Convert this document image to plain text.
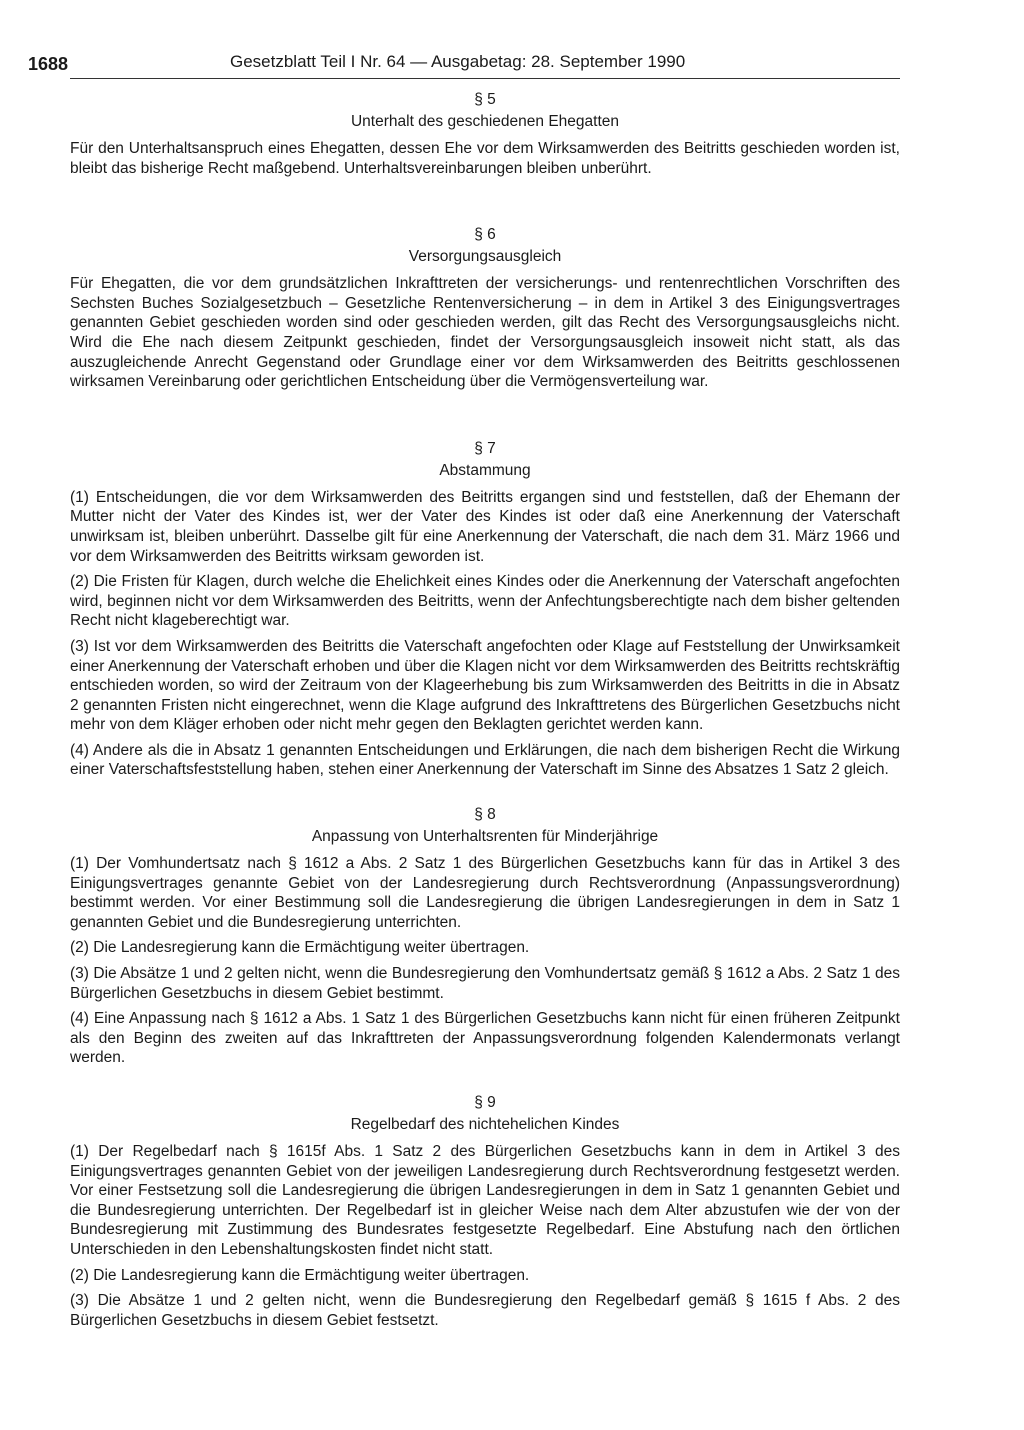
1688	Gesetzblatt Teil I Nr. 64 — Ausgabetag: 28. September 1990
§ 5
Unterhalt des geschiedenen Ehegatten

Für den Unterhaltsanspruch eines Ehegatten, dessen Ehe vor dem Wirksamwerden des Beitritts geschieden worden ist, bleibt das bisherige Recht maßgebend. Unterhaltsvereinbarungen bleiben unberührt.

§ 6
Versorgungsausgleich

Für Ehegatten, die vor dem grundsätzlichen Inkrafttreten der versicherungs- und rentenrechtlichen Vorschriften des Sechsten Buches Sozialgesetzbuch – Gesetzliche Rentenversicherung – in dem in Artikel 3 des Einigungsvertrages genannten Gebiet geschieden worden sind oder geschieden werden, gilt das Recht des Versorgungsausgleichs nicht. Wird die Ehe nach diesem Zeitpunkt geschieden, findet der Versorgungsausgleich insoweit nicht statt, als das auszugleichende Anrecht Gegenstand oder Grundlage einer vor dem Wirksamwerden des Beitritts geschlossenen wirksamen Vereinbarung oder gerichtlichen Entscheidung über die Vermögensverteilung war.

§ 7
Abstammung

(1) Entscheidungen, die vor dem Wirksamwerden des Beitritts ergangen sind und feststellen, daß der Ehemann der Mutter nicht der Vater des Kindes ist, wer der Vater des Kindes ist oder daß eine Anerkennung der Vaterschaft unwirksam ist, bleiben unberührt. Dasselbe gilt für eine Anerkennung der Vaterschaft, die nach dem 31. März 1966 und vor dem Wirksamwerden des Beitritts wirksam geworden ist.

(2) Die Fristen für Klagen, durch welche die Ehelichkeit eines Kindes oder die Anerkennung der Vaterschaft angefochten wird, beginnen nicht vor dem Wirksamwerden des Beitritts, wenn der Anfechtungsberechtigte nach dem bisher geltenden Recht nicht klageberechtigt war.

(3) Ist vor dem Wirksamwerden des Beitritts die Vaterschaft angefochten oder Klage auf Feststellung der Unwirksamkeit einer Anerkennung der Vaterschaft erhoben und über die Klagen nicht vor dem Wirksamwerden des Beitritts rechtskräftig entschieden worden, so wird der Zeitraum von der Klageerhebung bis zum Wirksamwerden des Beitritts in die in Absatz 2 genannten Fristen nicht eingerechnet, wenn die Klage aufgrund des Inkrafttretens des Bürgerlichen Gesetzbuchs nicht mehr von dem Kläger erhoben oder nicht mehr gegen den Beklagten gerichtet werden kann.

(4) Andere als die in Absatz 1 genannten Entscheidungen und Erklärungen, die nach dem bisherigen Recht die Wirkung einer Vaterschaftsfeststellung haben, stehen einer Anerkennung der Vaterschaft im Sinne des Absatzes 1 Satz 2 gleich.

§ 8
Anpassung von Unterhaltsrenten für Minderjährige

(1) Der Vomhundertsatz nach § 1612 a Abs. 2 Satz 1 des Bürgerlichen Gesetzbuchs kann für das in Artikel 3 des Einigungsvertrages genannte Gebiet von der Landesregierung durch Rechtsverordnung (Anpassungsverordnung) bestimmt werden. Vor einer Bestimmung soll die Landesregierung die übrigen Landesregierungen in dem in Satz 1 genannten Gebiet und die Bundesregierung unterrichten.

(2) Die Landesregierung kann die Ermächtigung weiter übertragen.

(3) Die Absätze 1 und 2 gelten nicht, wenn die Bundesregierung den Vomhundertsatz gemäß § 1612 a Abs. 2 Satz 1 des Bürgerlichen Gesetzbuchs in diesem Gebiet bestimmt.

(4) Eine Anpassung nach § 1612 a Abs. 1 Satz 1 des Bürgerlichen Gesetzbuchs kann nicht für einen früheren Zeitpunkt als den Beginn des zweiten auf das Inkrafttreten der Anpassungsverordnung folgenden Kalendermonats verlangt werden.

§ 9
Regelbedarf des nichtehelichen Kindes

(1) Der Regelbedarf nach § 1615f Abs. 1 Satz 2 des Bürgerlichen Gesetzbuchs kann in dem in Artikel 3 des Einigungsvertrages genannten Gebiet von der jeweiligen Landesregierung durch Rechtsverordnung festgesetzt werden. Vor einer Festsetzung soll die Landesregierung die übrigen Landesregierungen in dem in Satz 1 genannten Gebiet und die Bundesregierung unterrichten. Der Regelbedarf ist in gleicher Weise nach dem Alter abzustufen wie der von der Bundesregierung mit Zustimmung des Bundesrates festgesetzte Regelbedarf. Eine Abstufung nach den örtlichen Unterschieden in den Lebenshaltungskosten findet nicht statt.

(2) Die Landesregierung kann die Ermächtigung weiter übertragen.

(3) Die Absätze 1 und 2 gelten nicht, wenn die Bundesregierung den Regelbedarf gemäß § 1615 f Abs. 2 des Bürgerlichen Gesetzbuchs in diesem Gebiet festsetzt.
